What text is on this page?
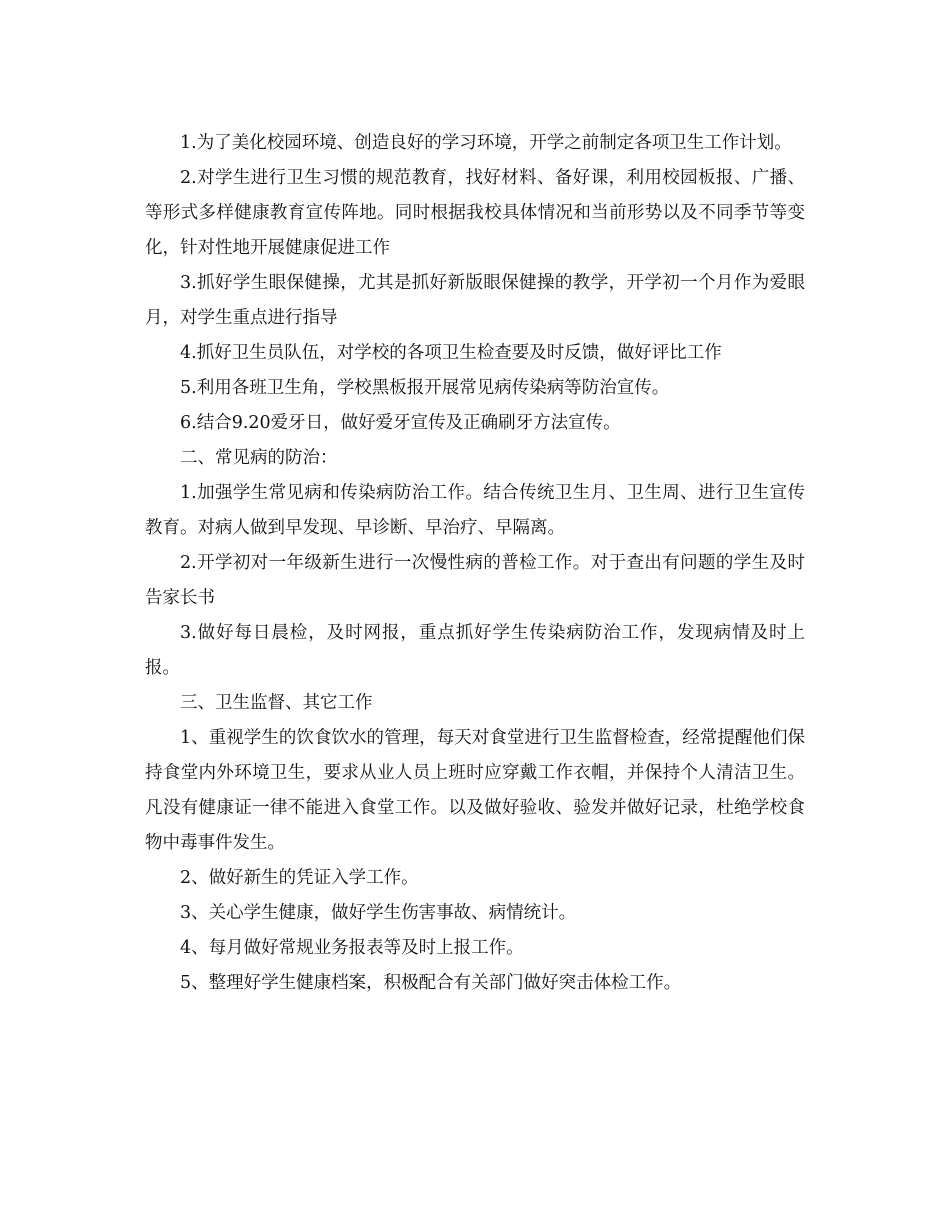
1.为了美化校园环境、创造良好的学习环境，开学之前制定各项卫生工作计划。

2.对学生进行卫生习惯的规范教育，找好材料、备好课，利用校园板报、广播、等形式多样健康教育宣传阵地。同时根据我校具体情况和当前形势以及不同季节等变化，针对性地开展健康促进工作

3.抓好学生眼保健操，尤其是抓好新版眼保健操的教学，开学初一个月作为爱眼月，对学生重点进行指导

4.抓好卫生员队伍，对学校的各项卫生检查要及时反馈，做好评比工作

5.利用各班卫生角，学校黑板报开展常见病传染病等防治宣传。

6.结合9.20爱牙日，做好爱牙宣传及正确刷牙方法宣传。

二、常见病的防治：

1.加强学生常见病和传染病防治工作。结合传统卫生月、卫生周、进行卫生宣传教育。对病人做到早发现、早诊断、早治疗、早隔离。

2.开学初对一年级新生进行一次慢性病的普检工作。对于查出有问题的学生及时告家长书

3.做好每日晨检，及时网报，重点抓好学生传染病防治工作，发现病情及时上报。

三、卫生监督、其它工作

1、重视学生的饮食饮水的管理，每天对食堂进行卫生监督检查，经常提醒他们保持食堂内外环境卫生，要求从业人员上班时应穿戴工作衣帽，并保持个人清洁卫生。凡没有健康证一律不能进入食堂工作。以及做好验收、验发并做好记录，杜绝学校食物中毒事件发生。

2、做好新生的凭证入学工作。

3、关心学生健康，做好学生伤害事故、病情统计。

4、每月做好常规业务报表等及时上报工作。

5、整理好学生健康档案，积极配合有关部门做好突击体检工作。
